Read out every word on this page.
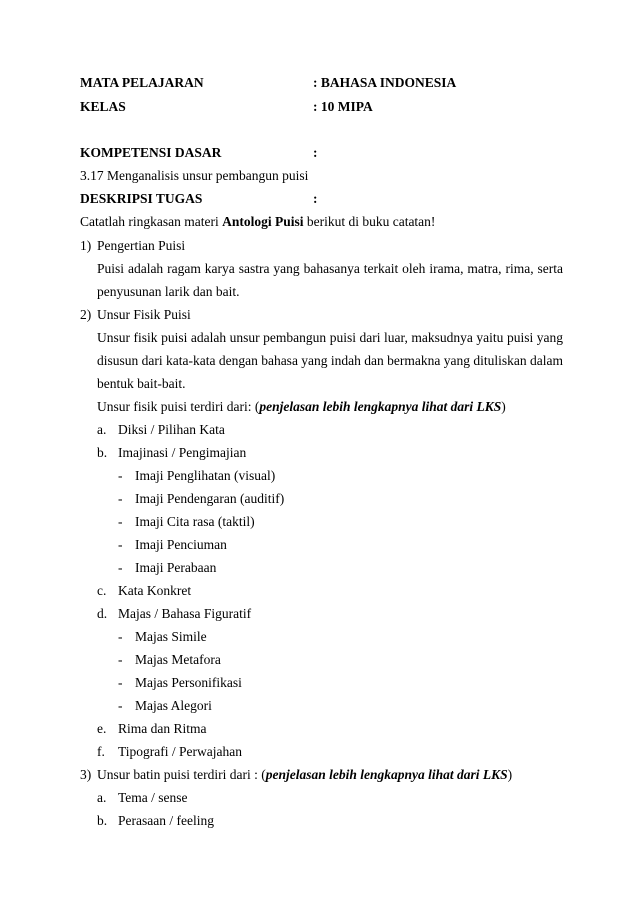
MATA PELAJARAN	: BAHASA INDONESIA
KELAS	: 10 MIPA
KOMPETENSI DASAR	:
3.17 Menganalisis unsur pembangun puisi
DESKRIPSI TUGAS	:
Catatlah ringkasan materi Antologi Puisi berikut di buku catatan!
1) Pengertian Puisi
Puisi adalah ragam karya sastra yang bahasanya terkait oleh irama, matra, rima, serta
penyusunan larik dan bait.
2) Unsur Fisik Puisi
Unsur fisik puisi adalah unsur pembangun puisi dari luar, maksudnya yaitu puisi yang
disusun dari kata-kata dengan bahasa yang indah dan bermakna yang dituliskan dalam
bentuk bait-bait.
Unsur fisik puisi terdiri dari: (penjelasan lebih lengkapnya lihat dari LKS)
a. Diksi / Pilihan Kata
b. Imajinasi / Pengimajian
- Imaji Penglihatan (visual)
- Imaji Pendengaran (auditif)
- Imaji Cita rasa (taktil)
- Imaji Penciuman
- Imaji Perabaan
c. Kata Konkret
d. Majas / Bahasa Figuratif
- Majas Simile
- Majas Metafora
- Majas Personifikasi
- Majas Alegori
e. Rima dan Ritma
f. Tipografi / Perwajahan
3) Unsur batin puisi terdiri dari : (penjelasan lebih lengkapnya lihat dari LKS)
a. Tema / sense
b. Perasaan / feeling
